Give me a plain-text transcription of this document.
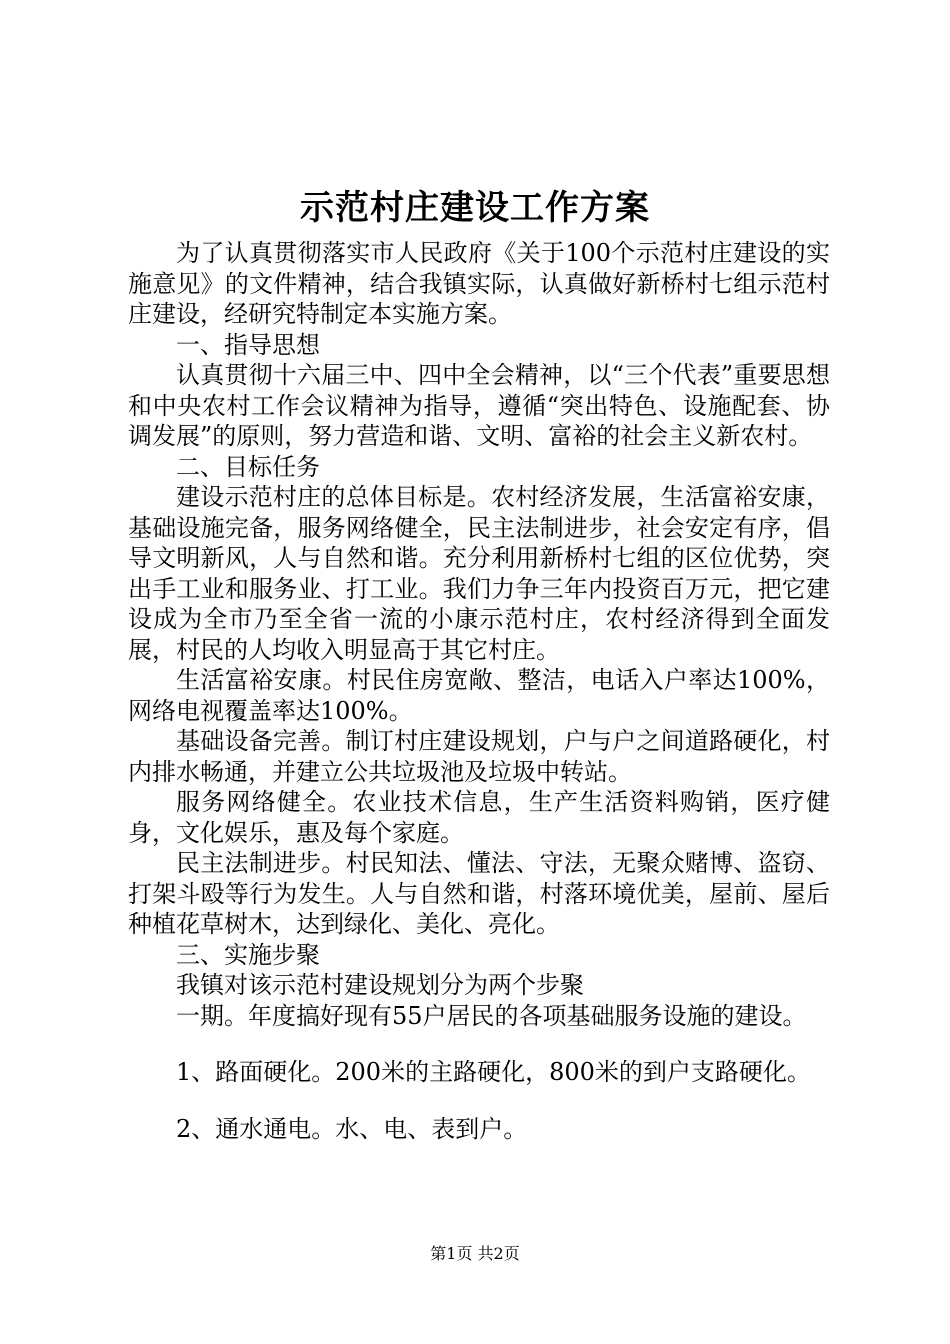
示范村庄建设工作方案

为了认真贯彻落实市人民政府《关于100个示范村庄建设的实施意见》的文件精神，结合我镇实际，认真做好新桥村七组示范村庄建设，经研究特制定本实施方案。

一、指导思想

认真贯彻十六届三中、四中全会精神，以“三个代表”重要思想和中央农村工作会议精神为指导，遵循“突出特色、设施配套、协调发展”的原则，努力营造和谐、文明、富裕的社会主义新农村。

二、目标任务

建设示范村庄的总体目标是。农村经济发展，生活富裕安康，基础设施完备，服务网络健全，民主法制进步，社会安定有序，倡导文明新风，人与自然和谐。充分利用新桥村七组的区位优势，突出手工业和服务业、打工业。我们力争三年内投资百万元，把它建设成为全市乃至全省一流的小康示范村庄，农村经济得到全面发展，村民的人均收入明显高于其它村庄。

生活富裕安康。村民住房宽敞、整洁，电话入户率达100%，网络电视覆盖率达100%。

基础设备完善。制订村庄建设规划，户与户之间道路硬化，村内排水畅通，并建立公共垃圾池及垃圾中转站。

服务网络健全。农业技术信息，生产生活资料购销，医疗健身，文化娱乐，惠及每个家庭。

民主法制进步。村民知法、懂法、守法，无聚众赌博、盗窃、打架斗殴等行为发生。人与自然和谐，村落环境优美，屋前、屋后种植花草树木，达到绿化、美化、亮化。

三、实施步聚

我镇对该示范村建设规划分为两个步聚

一期。年度搞好现有55户居民的各项基础服务设施的建设。

1、路面硬化。200米的主路硬化，800米的到户支路硬化。

2、通水通电。水、电、表到户。

第1页 共2页
